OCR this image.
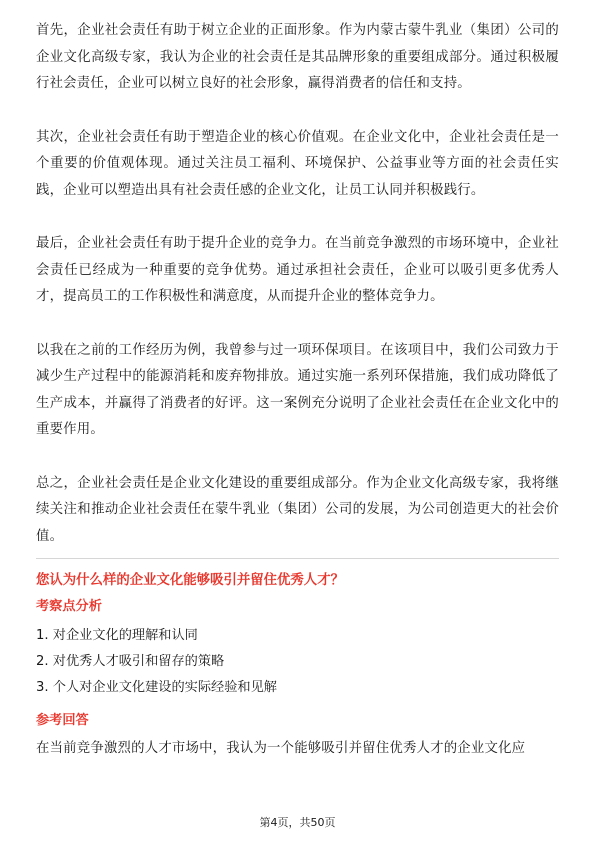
首先，企业社会责任有助于树立企业的正面形象。作为内蒙古蒙牛乳业（集团）公司的企业文化高级专家，我认为企业的社会责任是其品牌形象的重要组成部分。通过积极履行社会责任，企业可以树立良好的社会形象，赢得消费者的信任和支持。

其次，企业社会责任有助于塑造企业的核心价值观。在企业文化中，企业社会责任是一个重要的价值观体现。通过关注员工福利、环境保护、公益事业等方面的社会责任实践，企业可以塑造出具有社会责任感的企业文化，让员工认同并积极践行。

最后，企业社会责任有助于提升企业的竞争力。在当前竞争激烈的市场环境中，企业社会责任已经成为一种重要的竞争优势。通过承担社会责任，企业可以吸引更多优秀人才，提高员工的工作积极性和满意度，从而提升企业的整体竞争力。

以我在之前的工作经历为例，我曾参与过一项环保项目。在该项目中，我们公司致力于减少生产过程中的能源消耗和废弃物排放。通过实施一系列环保措施，我们成功降低了生产成本，并赢得了消费者的好评。这一案例充分说明了企业社会责任在企业文化中的重要作用。

总之，企业社会责任是企业文化建设的重要组成部分。作为企业文化高级专家，我将继续关注和推动企业社会责任在蒙牛乳业（集团）公司的发展，为公司创造更大的社会价值。

您认为什么样的企业文化能够吸引并留住优秀人才？

考察点分析

1. 对企业文化的理解和认同

2. 对优秀人才吸引和留存的策略

3. 个人对企业文化建设的实际经验和见解

参考回答

在当前竞争激烈的人才市场中，我认为一个能够吸引并留住优秀人才的企业文化应

第4页，共50页
